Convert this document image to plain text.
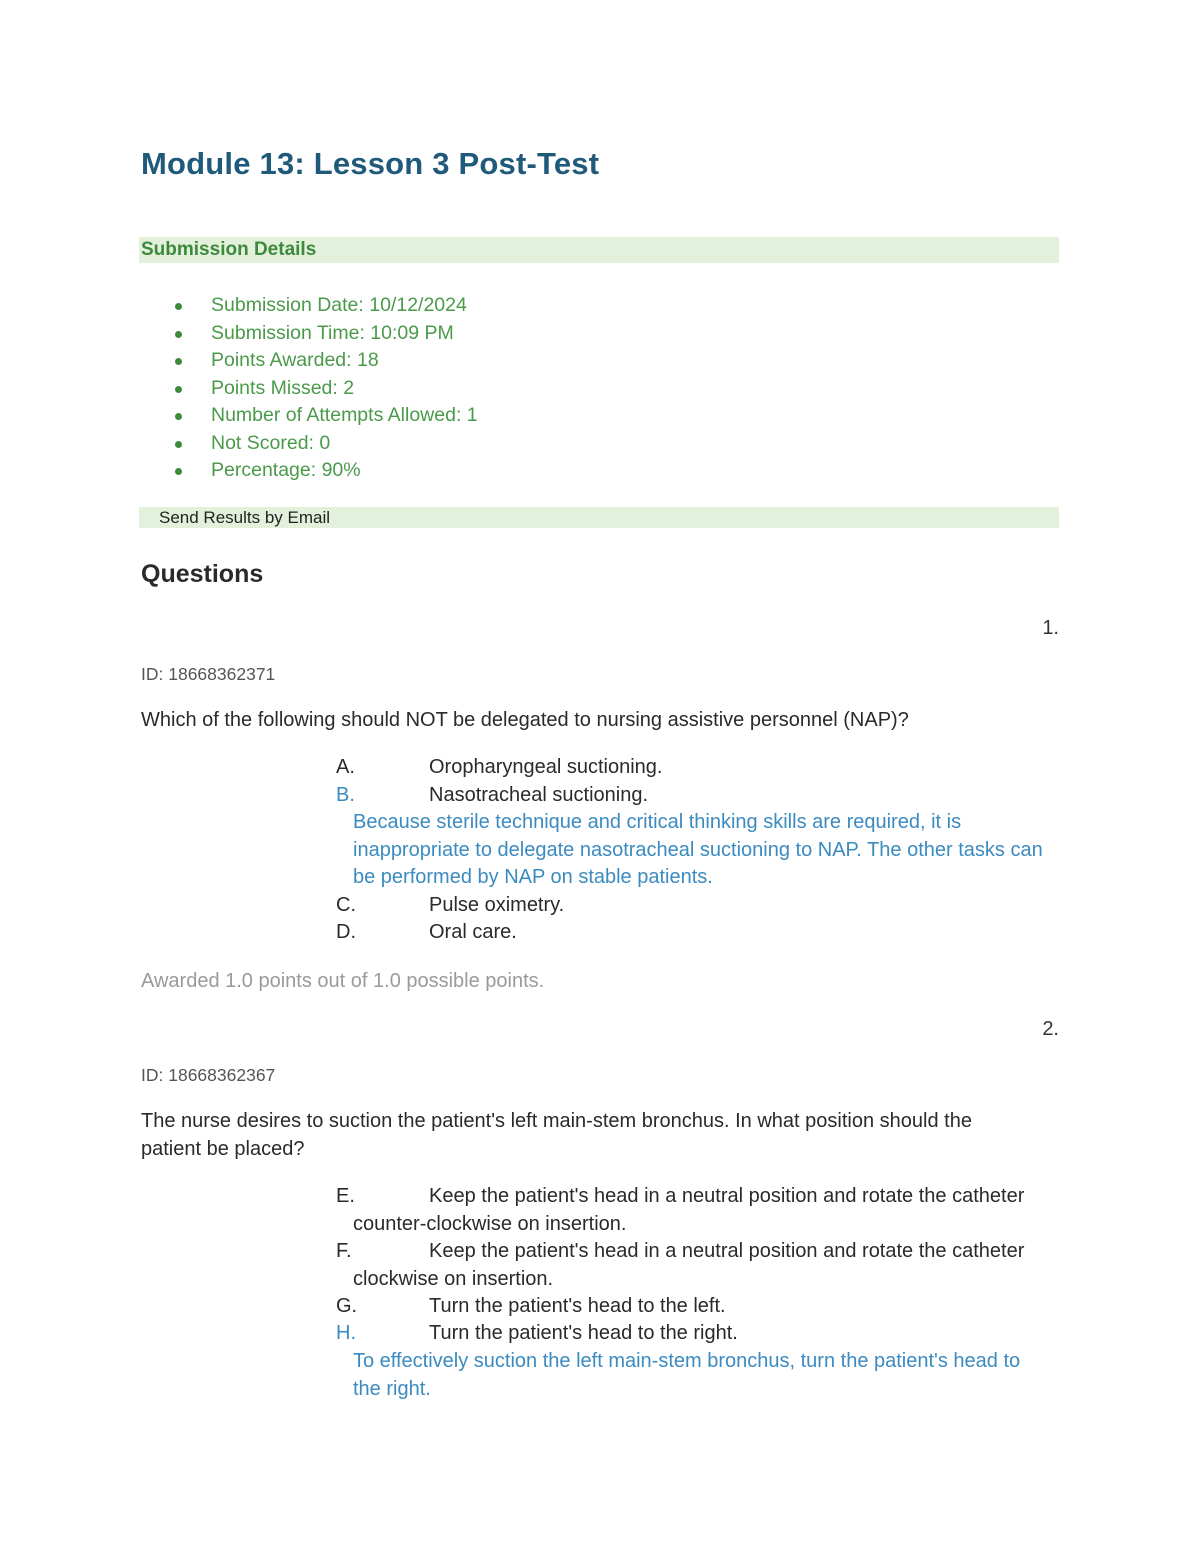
Module 13: Lesson 3 Post-Test
Submission Details
Submission Date: 10/12/2024
Submission Time: 10:09 PM
Points Awarded: 18
Points Missed: 2
Number of Attempts Allowed: 1
Not Scored: 0
Percentage: 90%
Send Results by Email
Questions
1.
ID: 18668362371
Which of the following should NOT be delegated to nursing assistive personnel (NAP)?
A.	Oropharyngeal suctioning.
B.	Nasotracheal suctioning.
Because sterile technique and critical thinking skills are required, it is inappropriate to delegate nasotracheal suctioning to NAP. The other tasks can be performed by NAP on stable patients.
C.	Pulse oximetry.
D.	Oral care.
Awarded 1.0 points out of 1.0 possible points.
2.
ID: 18668362367
The nurse desires to suction the patient's left main-stem bronchus. In what position should the patient be placed?
E.	Keep the patient's head in a neutral position and rotate the catheter
counter-clockwise on insertion.
F.	Keep the patient's head in a neutral position and rotate the catheter
clockwise on insertion.
G.	Turn the patient's head to the left.
H.	Turn the patient's head to the right.
To effectively suction the left main-stem bronchus, turn the patient's head to the right.
